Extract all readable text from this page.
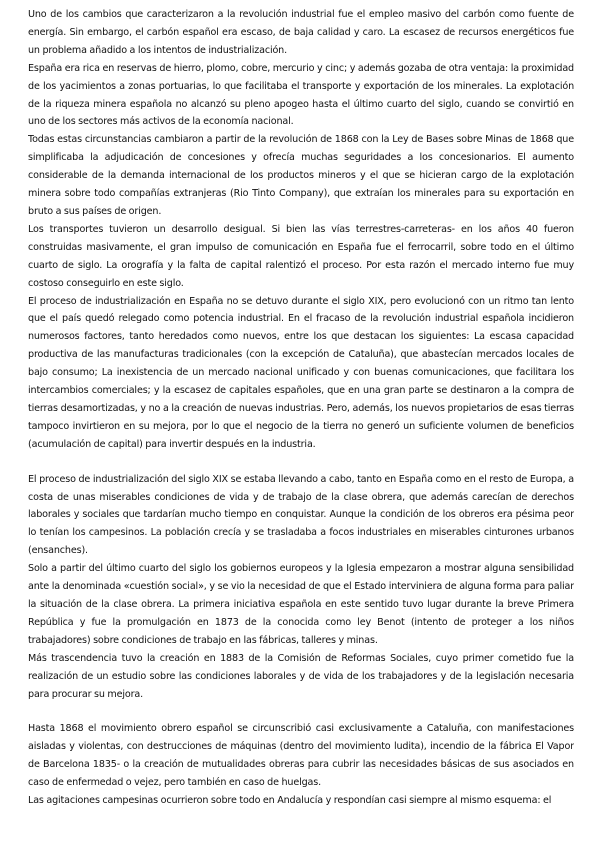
Uno de los cambios que caracterizaron a la revolución industrial fue el empleo masivo del carbón como fuente de energía. Sin embargo, el carbón español era escaso, de baja calidad y caro. La escasez de recursos energéticos fue un problema añadido a los intentos de industrialización.

España era rica en reservas de hierro, plomo, cobre, mercurio y cinc; y además gozaba de otra ventaja: la proximidad de los yacimientos a zonas portuarias, lo que facilitaba el transporte y exportación de los minerales. La explotación de la riqueza minera española no alcanzó su pleno apogeo hasta el último cuarto del siglo, cuando se convirtió en uno de los sectores más activos de la economía nacional.

Todas estas circunstancias cambiaron a partir de la revolución de 1868 con la Ley de Bases sobre Minas de 1868 que simplificaba la adjudicación de concesiones y ofrecía muchas seguridades a los concesionarios. El aumento considerable de la demanda internacional de los productos mineros y el que se hicieran cargo de la explotación minera sobre todo compañías extranjeras (Rio Tinto Company), que extraían los minerales para su exportación en bruto a sus países de origen.

Los transportes tuvieron un desarrollo desigual. Si bien las vías terrestres-carreteras- en los años 40 fueron construidas masivamente, el gran impulso de comunicación en España fue el ferrocarril, sobre todo en el último cuarto de siglo. La orografía y la falta de capital ralentizó el proceso. Por esta razón el mercado interno fue muy costoso conseguirlo en este siglo.

El proceso de industrialización en España no se detuvo durante el siglo XIX, pero evolucionó con un ritmo tan lento que el país quedó relegado como potencia industrial. En el fracaso de la revolución industrial española incidieron numerosos factores, tanto heredados como nuevos, entre los que destacan los siguientes: La escasa capacidad productiva de las manufacturas tradicionales (con la excepción de Cataluña), que abastecían mercados locales de bajo consumo; La inexistencia de un mercado nacional unificado y con buenas comunicaciones, que facilitara los intercambios comerciales; y la escasez de capitales españoles, que en una gran parte se destinaron a la compra de tierras desamortizadas, y no a la creación de nuevas industrias. Pero, además, los nuevos propietarios de esas tierras tampoco invirtieron en su mejora, por lo que el negocio de la tierra no generó un suficiente volumen de beneficios (acumulación de capital) para invertir después en la industria.

El proceso de industrialización del siglo XIX se estaba llevando a cabo, tanto en España como en el resto de Europa, a costa de unas miserables condiciones de vida y de trabajo de la clase obrera, que además carecían de derechos laborales y sociales que tardarían mucho tiempo en conquistar. Aunque la condición de los obreros era pésima peor lo tenían los campesinos. La población crecía y se trasladaba a focos industriales en miserables cinturones urbanos (ensanches).

Solo a partir del último cuarto del siglo los gobiernos europeos y la Iglesia empezaron a mostrar alguna sensibilidad ante la denominada «cuestión social», y se vio la necesidad de que el Estado interviniera de alguna forma para paliar la situación de la clase obrera. La primera iniciativa española en este sentido tuvo lugar durante la breve Primera República y fue la promulgación en 1873 de la conocida como ley Benot (intento de proteger a los niños trabajadores) sobre condiciones de trabajo en las fábricas, talleres y minas.

Más trascendencia tuvo la creación en 1883 de la Comisión de Reformas Sociales, cuyo primer cometido fue la realización de un estudio sobre las condiciones laborales y de vida de los trabajadores y de la legislación necesaria para procurar su mejora.

Hasta 1868 el movimiento obrero español se circunscribió casi exclusivamente a Cataluña, con manifestaciones aisladas y violentas, con destrucciones de máquinas (dentro del movimiento ludita), incendio de la fábrica El Vapor de Barcelona 1835- o la creación de mutualidades obreras para cubrir las necesidades básicas de sus asociados en caso de enfermedad o vejez, pero también en caso de huelgas.

Las agitaciones campesinas ocurrieron sobre todo en Andalucía y respondían casi siempre al mismo esquema: el
